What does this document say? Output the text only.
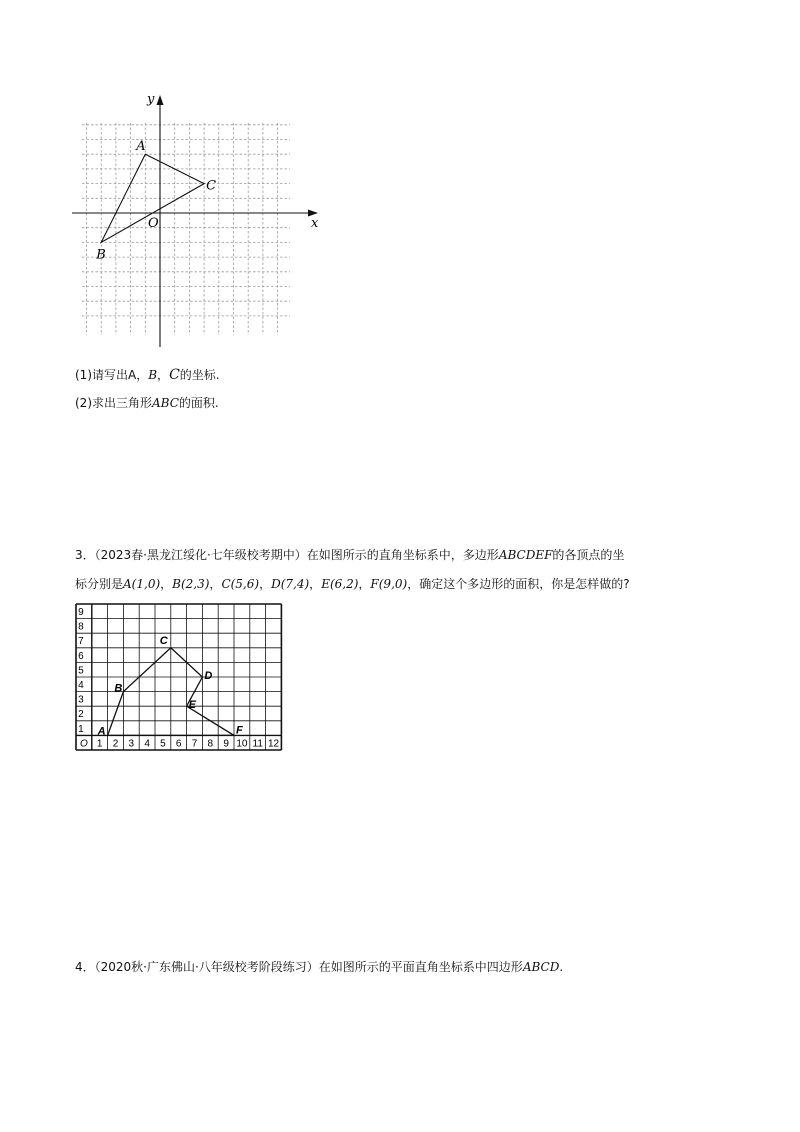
A
B
C
O	x
y
(1)请写出A，B，C的坐标.
(2)求出三角形ABC的面积.
3．（2023春·黑龙江绥化·七年级校考期中）在如图所示的直角坐标系中，多边形ABCDEF的各顶点的坐
标分别是A(1,0)，B(2,3)，C(5,6)，D(7,4)，E(6,2)，F(9,0)，确定这个多边形的面积，你是怎样做的?
O 1 2 3 4 5 6 7 8 9 10 11 12
1
2
3
4
5
6
7
8
9
A
B
C
D
E
F
4．（2020秋·广东佛山·八年级校考阶段练习）在如图所示的平面直角坐标系中四边形ABCD.
